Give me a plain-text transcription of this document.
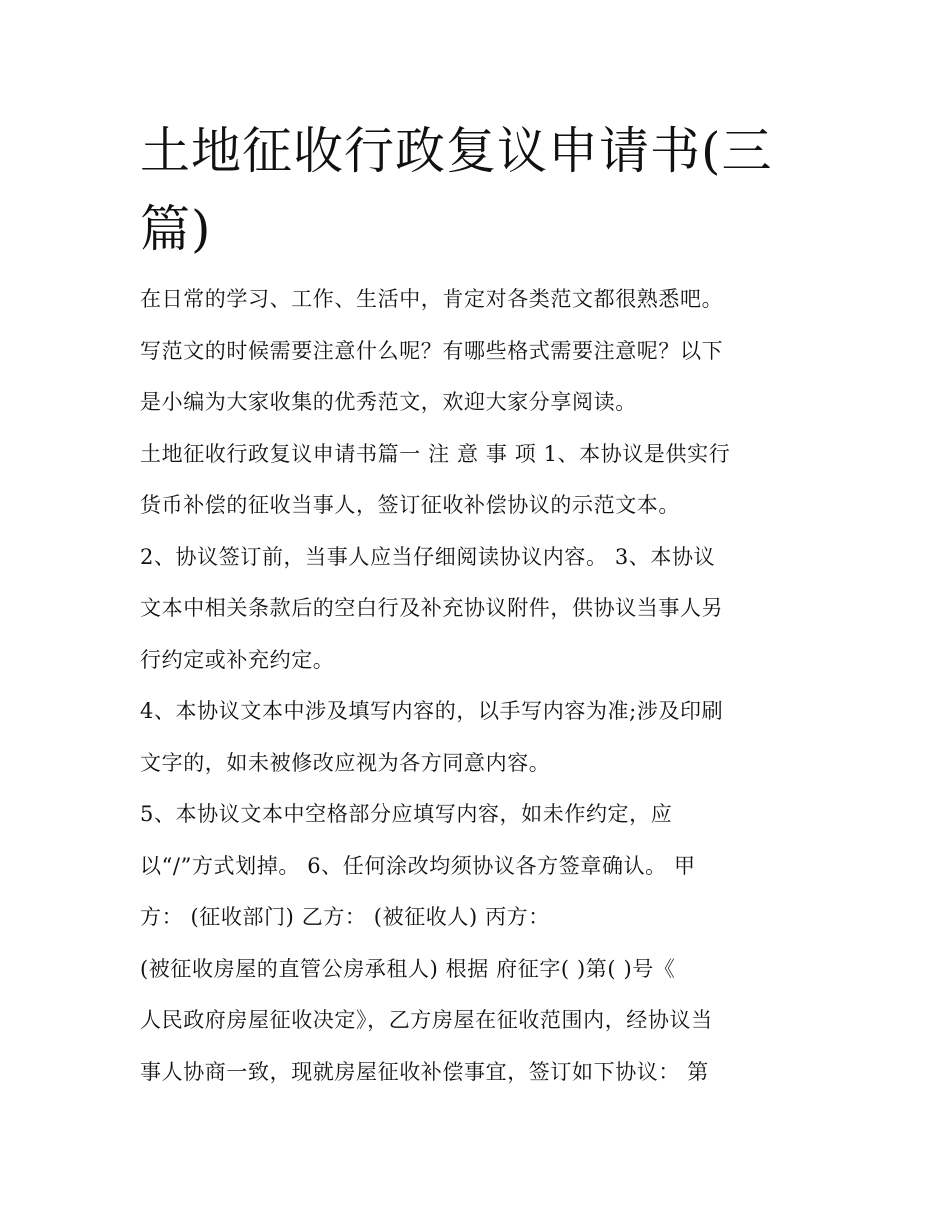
土地征收行政复议申请书(三
篇)
在日常的学习、工作、生活中，肯定对各类范文都很熟悉吧。
写范文的时候需要注意什么呢？有哪些格式需要注意呢？以下
是小编为大家收集的优秀范文，欢迎大家分享阅读。
土地征收行政复议申请书篇一 注 意 事 项 1、本协议是供实行
货币补偿的征收当事人，签订征收补偿协议的示范文本。
2、协议签订前，当事人应当仔细阅读协议内容。 3、本协议
文本中相关条款后的空白行及补充协议附件，供协议当事人另
行约定或补充约定。
4、本协议文本中涉及填写内容的，以手写内容为准;涉及印刷
文字的，如未被修改应视为各方同意内容。
5、本协议文本中空格部分应填写内容，如未作约定，应
以“/”方式划掉。 6、任何涂改均须协议各方签章确认。 甲
方： (征收部门) 乙方： (被征收人) 丙方：
(被征收房屋的直管公房承租人) 根据 府征字( )第( )号《
人民政府房屋征收决定》，乙方房屋在征收范围内，经协议当
事人协商一致，现就房屋征收补偿事宜，签订如下协议： 第
